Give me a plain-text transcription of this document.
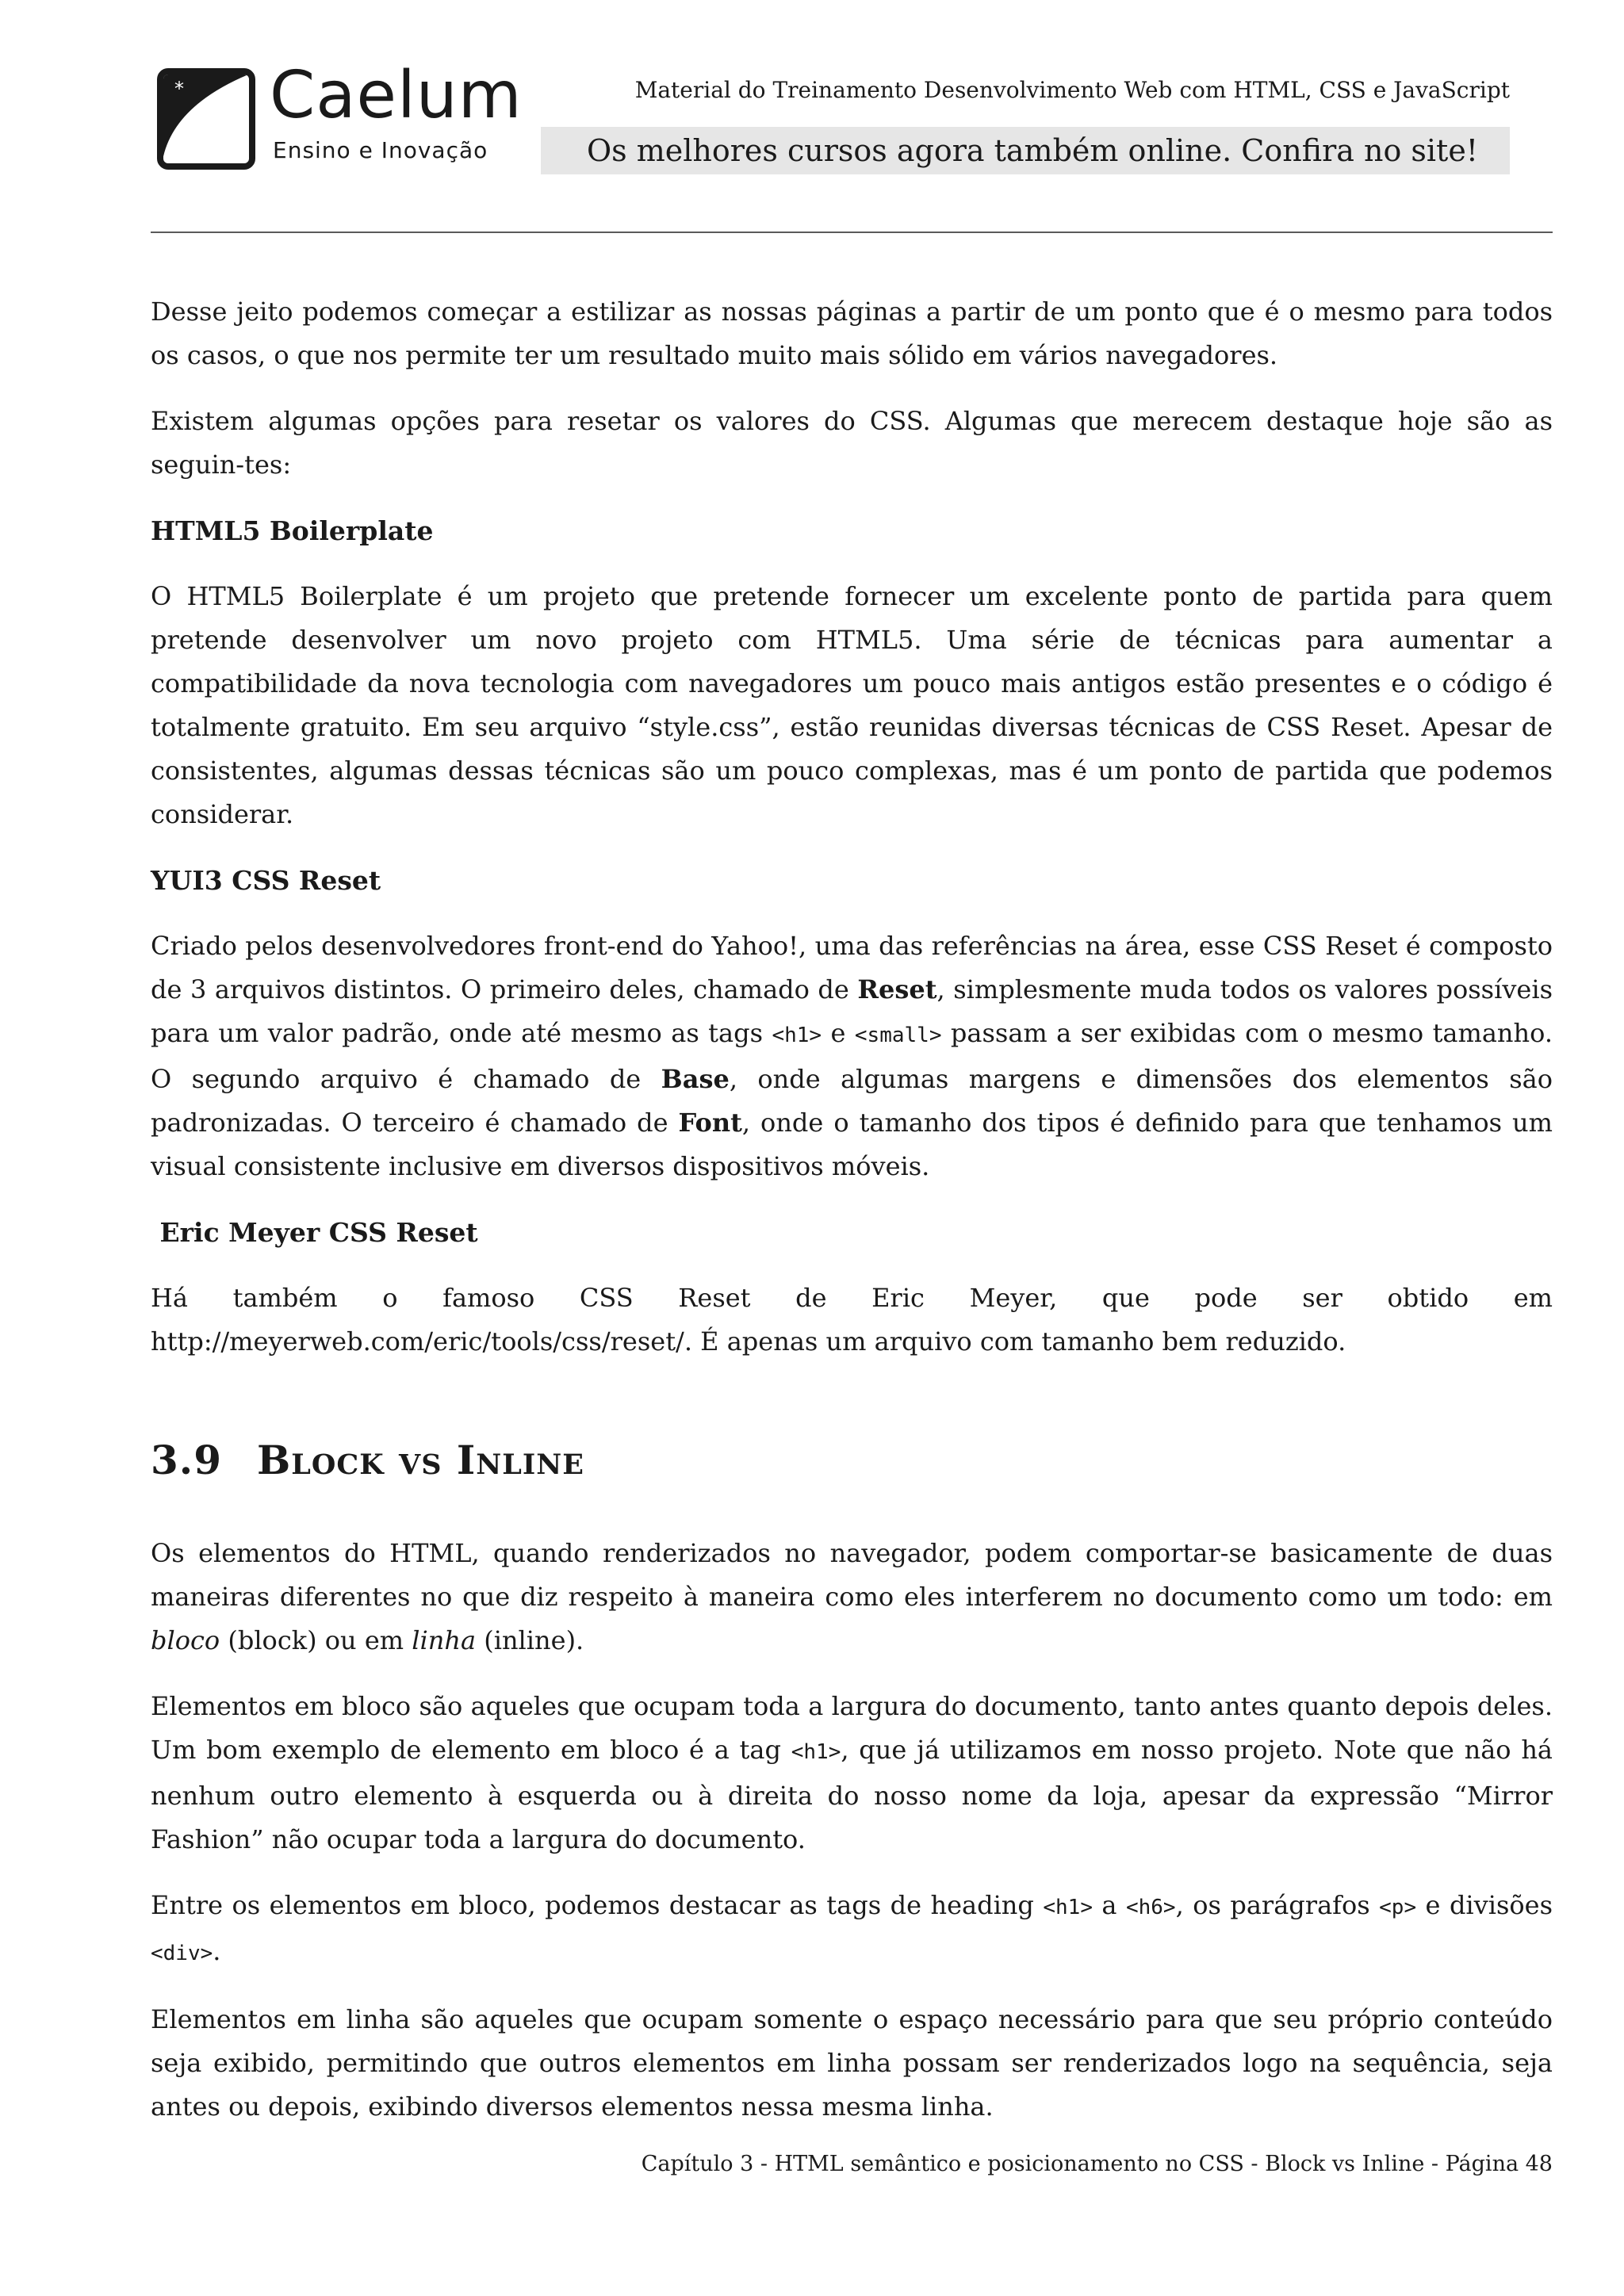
* Caelum
Ensino e Inovação
Material do Treinamento Desenvolvimento Web com HTML, CSS e JavaScript
Os melhores cursos agora também online. Confira no site!

Desse jeito podemos começar a estilizar as nossas páginas a partir de um ponto que é o mesmo para todos os casos, o que nos permite ter um resultado muito mais sólido em vários navegadores.

Existem algumas opções para resetar os valores do CSS. Algumas que merecem destaque hoje são as seguin-tes:

HTML5 Boilerplate

O HTML5 Boilerplate é um projeto que pretende fornecer um excelente ponto de partida para quem pretende desenvolver um novo projeto com HTML5. Uma série de técnicas para aumentar a compatibilidade da nova tecnologia com navegadores um pouco mais antigos estão presentes e o código é totalmente gratuito. Em seu arquivo “style.css”, estão reunidas diversas técnicas de CSS Reset. Apesar de consistentes, algumas dessas técnicas são um pouco complexas, mas é um ponto de partida que podemos considerar.

YUI3 CSS Reset

Criado pelos desenvolvedores front-end do Yahoo!, uma das referências na área, esse CSS Reset é composto de 3 arquivos distintos. O primeiro deles, chamado de Reset, simplesmente muda todos os valores possíveis para um valor padrão, onde até mesmo as tags <h1> e <small> passam a ser exibidas com o mesmo tamanho. O segundo arquivo é chamado de Base, onde algumas margens e dimensões dos elementos são padronizadas. O terceiro é chamado de Font, onde o tamanho dos tipos é definido para que tenhamos um visual consistente inclusive em diversos dispositivos móveis.

Eric Meyer CSS Reset

Há também o famoso CSS Reset de Eric Meyer, que pode ser obtido em http://meyerweb.com/eric/tools/css/reset/. É apenas um arquivo com tamanho bem reduzido.

3.9 Block vs Inline

Os elementos do HTML, quando renderizados no navegador, podem comportar-se basicamente de duas maneiras diferentes no que diz respeito à maneira como eles interferem no documento como um todo: em bloco (block) ou em linha (inline).

Elementos em bloco são aqueles que ocupam toda a largura do documento, tanto antes quanto depois deles. Um bom exemplo de elemento em bloco é a tag <h1>, que já utilizamos em nosso projeto. Note que não há nenhum outro elemento à esquerda ou à direita do nosso nome da loja, apesar da expressão “Mirror Fashion” não ocupar toda a largura do documento.

Entre os elementos em bloco, podemos destacar as tags de heading <h1> a <h6>, os parágrafos <p> e divisões <div>.

Elementos em linha são aqueles que ocupam somente o espaço necessário para que seu próprio conteúdo seja exibido, permitindo que outros elementos em linha possam ser renderizados logo na sequência, seja antes ou depois, exibindo diversos elementos nessa mesma linha.

Capítulo 3 - HTML semântico e posicionamento no CSS - Block vs Inline - Página 48
